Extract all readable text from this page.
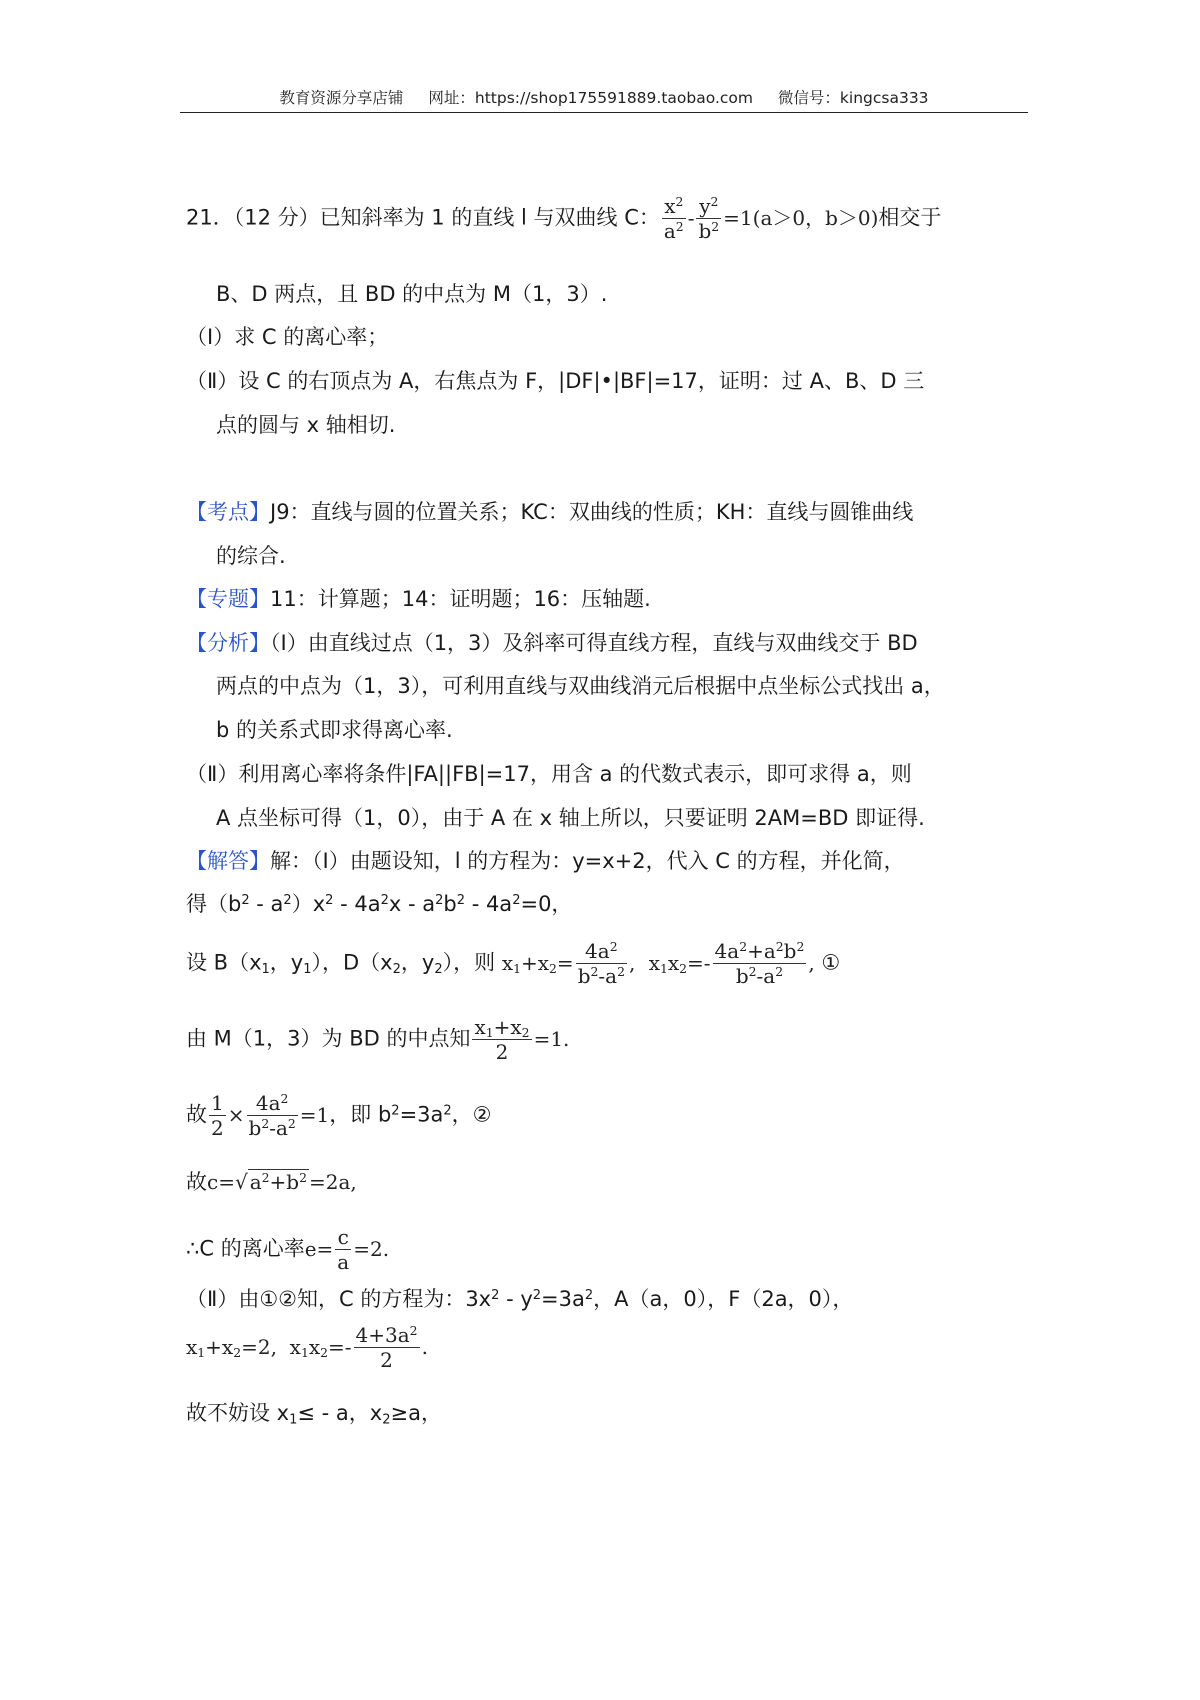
教育资源分享店铺 网址：https://shop175591889.taobao.com 微信号：kingcsa333
21．（12 分）已知斜率为 1 的直线 l 与双曲线 C： $\frac{x^2}{a^2} - \frac{y^2}{b^2} =1(a>0$，b＞0)相交于
B、D 两点，且 BD 的中点为 M（1，3）.
（Ⅰ）求 C 的离心率；
（Ⅱ）设 C 的右顶点为 A，右焦点为 F，|DF|•|BF|=17，证明：过 A、B、D 三
点的圆与 x 轴相切.
【考点】J9：直线与圆的位置关系；KC：双曲线的性质；KH：直线与圆锥曲线
的综合.
【专题】11：计算题；14：证明题；16：压轴题.
【分析】（Ⅰ）由直线过点（1，3）及斜率可得直线方程，直线与双曲线交于 BD
两点的中点为（1，3），可利用直线与双曲线消元后根据中点坐标公式找出 a，
b 的关系式即求得离心率.
（Ⅱ）利用离心率将条件|FA||FB|=17，用含 a 的代数式表示，即可求得 a，则
A 点坐标可得（1，0），由于 A 在 x 轴上所以，只要证明 2AM=BD 即证得.
【解答】解：（Ⅰ）由题设知，l 的方程为：y=x+2，代入 C 的方程，并化简，
得$(b^2 - a^2)x^2 - 4a^2x - a^2b^2 - 4a^2=0$，
设 $B(x_1$，$y_1$），$D(x_2$，$y_2$），则 $x_1+x_2= \frac{4a^2}{b^2-a^2}$ , $x_1x_2=- \frac{4a^2+a^2b^2}{b^2-a^2}$ , ①
由 M（1，3）为 BD 的中点知 $\frac{x_1+x_2}{2} =1$.
故 $\frac{1}{2} \times \frac{4a^2}{b^2-a^2} =1$，即 $b^2=3a^2$，②
故c=√ $a^2+b^2 =2a$,
∴C 的离心率$e= \frac{c}{a} =2$.
（Ⅱ）由①②知，C 的方程为：$3x^2 - y^2=3a^2$，A（a，0），F（2a，0），
$x_1+x_2=2$,  $x_1x_2=- \frac{4+3a^2}{2}$ .
故不妨设 $x_1\le - a$，$x_2\ge a$，
